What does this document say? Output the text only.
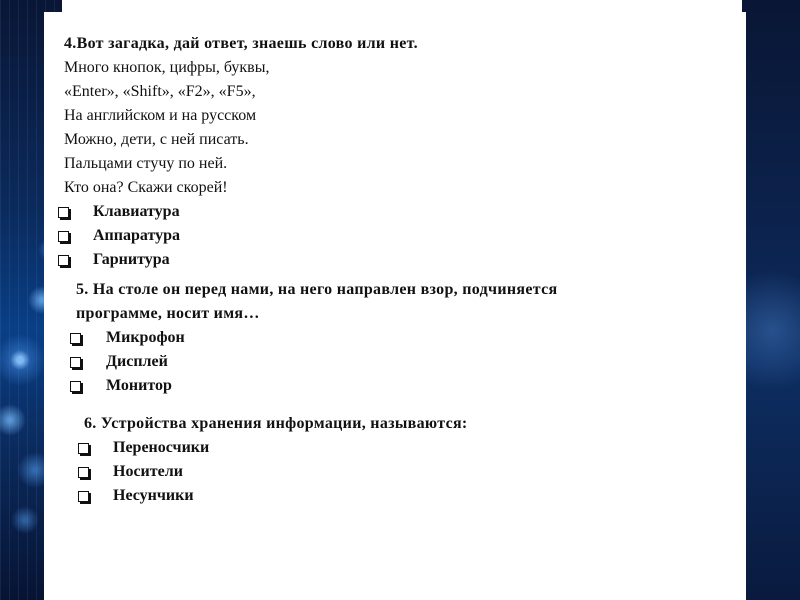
4.Вот загадка, дай ответ, знаешь слово или нет.
Много кнопок, цифры, буквы,
«Enter», «Shift», «F2», «F5»,
На английском и на русском
Можно, дети, с ней писать.
Пальцами стучу по ней.
Кто она? Скажи скорей!
Клавиатура
Аппаратура
Гарнитура
5. На столе он перед нами, на него направлен взор, подчиняется
программе, носит имя…
Микрофон
Дисплей
Монитор
6. Устройства хранения информации, называются:
Переносчики
Носители
Несунчики
